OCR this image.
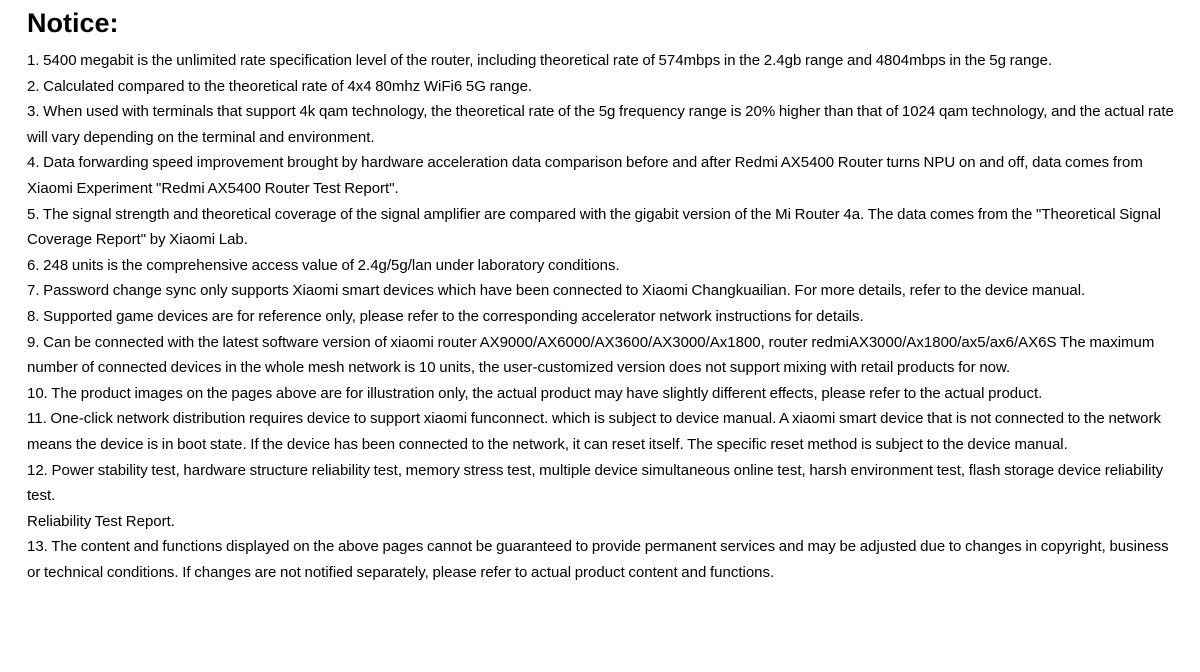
Notice:

1. 5400 megabit is the unlimited rate specification level of the router, including theoretical rate of 574mbps in the 2.4gb range and 4804mbps in the 5g range.

2. Calculated compared to the theoretical rate of 4x4 80mhz WiFi6 5G range.

3. When used with terminals that support 4k qam technology, the theoretical rate of the 5g frequency range is 20% higher than that of 1024 qam technology, and the actual rate will vary depending on the terminal and environment.

4. Data forwarding speed improvement brought by hardware acceleration data comparison before and after Redmi AX5400 Router turns NPU on and off, data comes from Xiaomi Experiment "Redmi AX5400 Router Test Report".

5. The signal strength and theoretical coverage of the signal amplifier are compared with the gigabit version of the Mi Router 4a. The data comes from the "Theoretical Signal Coverage Report" by Xiaomi Lab.

6. 248 units is the comprehensive access value of 2.4g/5g/lan under laboratory conditions.

7. Password change sync only supports Xiaomi smart devices which have been connected to Xiaomi Changkuailian. For more details, refer to the device manual.

8. Supported game devices are for reference only, please refer to the corresponding accelerator network instructions for details.

9. Can be connected with the latest software version of xiaomi router AX9000/AX6000/AX3600/AX3000/Ax1800, router redmiAX3000/Ax1800/ax5/ax6/AX6S The maximum number of connected devices in the whole mesh network is 10 units, the user-customized version does not support mixing with retail products for now.

10. The product images on the pages above are for illustration only, the actual product may have slightly different effects, please refer to the actual product.

11. One-click network distribution requires device to support xiaomi funconnect. which is subject to device manual. A xiaomi smart device that is not connected to the network means the device is in boot state. If the device has been connected to the network, it can reset itself. The specific reset method is subject to the device manual.

12. Power stability test, hardware structure reliability test, memory stress test, multiple device simultaneous online test, harsh environment test, flash storage device reliability test.

Reliability Test Report.

13. The content and functions displayed on the above pages cannot be guaranteed to provide permanent services and may be adjusted due to changes in copyright, business or technical conditions. If changes are not notified separately, please refer to actual product content and functions.
